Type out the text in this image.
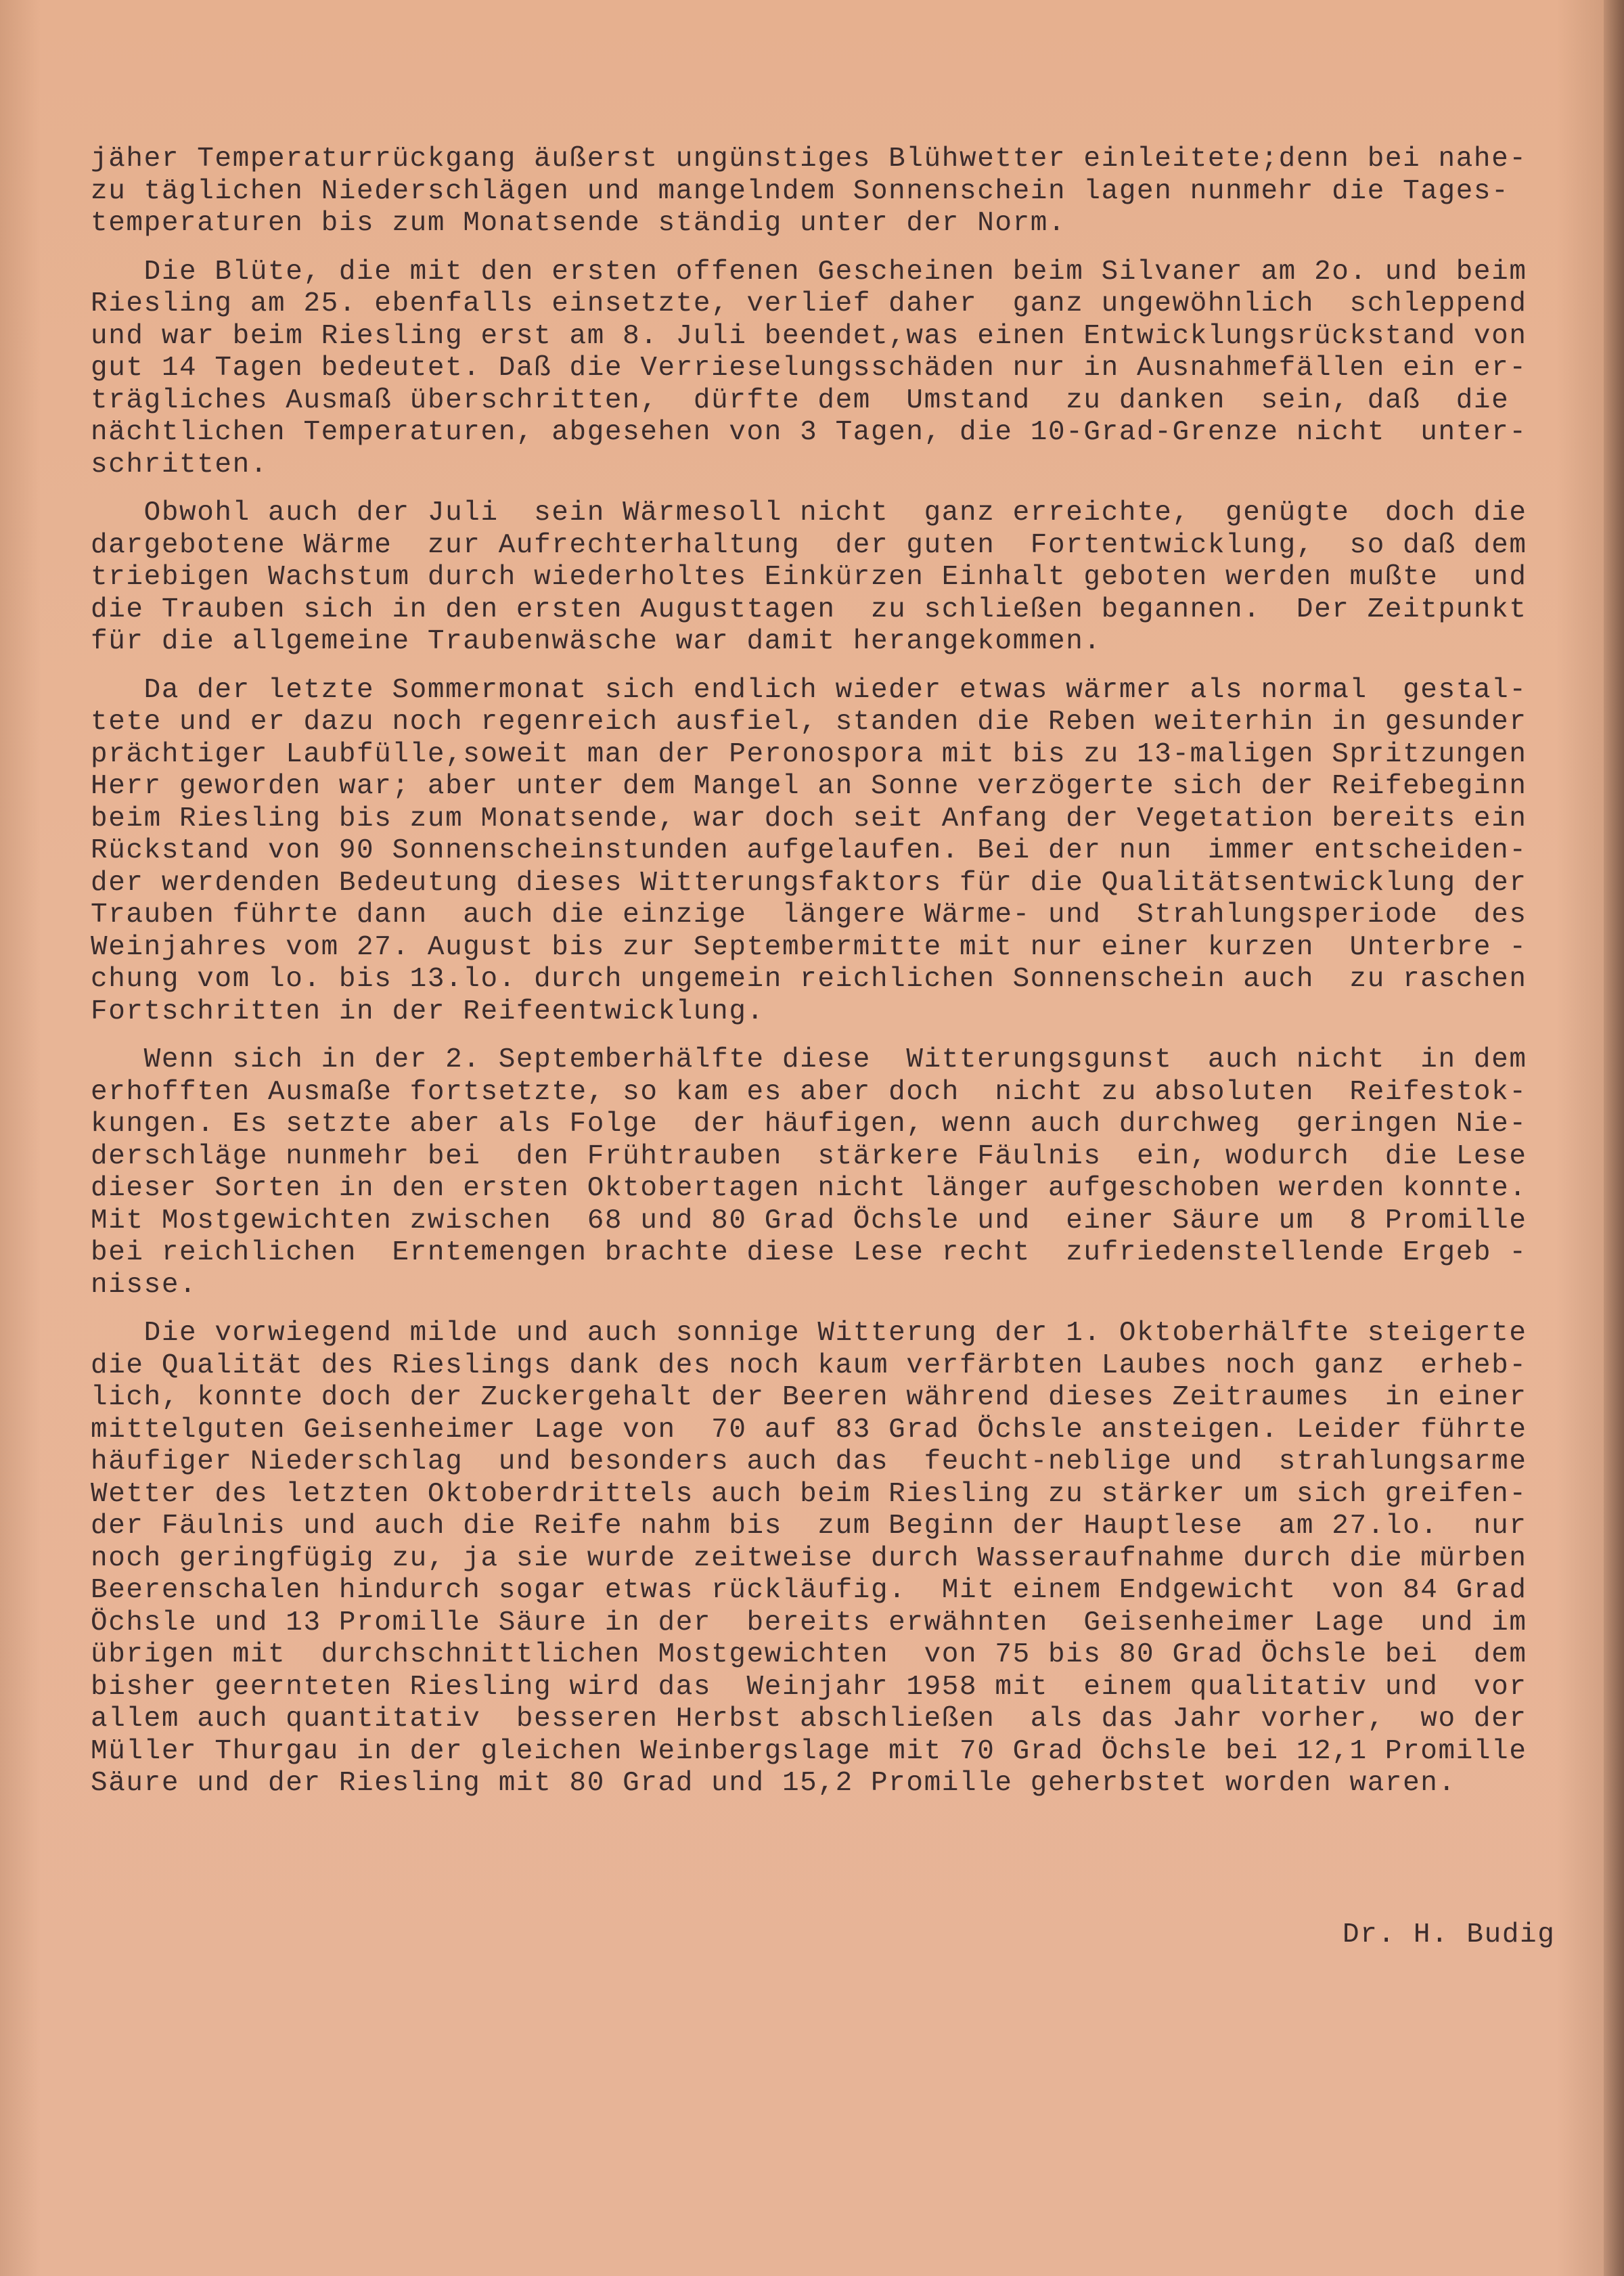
jäher Temperaturrückgang äußerst ungünstiges Blühwetter einleitete;denn bei nahe-
zu täglichen Niederschlägen und mangelndem Sonnenschein lagen nunmehr die Tages-
temperaturen bis zum Monatsende ständig unter der Norm.
Die Blüte, die mit den ersten offenen Gescheinen beim Silvaner am 2o. und beim
Riesling am 25. ebenfalls einsetzte, verlief daher  ganz ungewöhnlich  schleppend
und war beim Riesling erst am 8. Juli beendet,was einen Entwicklungsrückstand von
gut 14 Tagen bedeutet. Daß die Verrieselungsschäden nur in Ausnahmefällen ein er-
trägliches Ausmaß überschritten,  dürfte dem  Umstand  zu danken  sein, daß  die
nächtlichen Temperaturen, abgesehen von 3 Tagen, die 10-Grad-Grenze nicht  unter-
schritten.
Obwohl auch der Juli  sein Wärmesoll nicht  ganz erreichte,  genügte  doch die
dargebotene Wärme  zur Aufrechterhaltung  der guten  Fortentwicklung,  so daß dem
triebigen Wachstum durch wiederholtes Einkürzen Einhalt geboten werden mußte  und
die Trauben sich in den ersten Augusttagen  zu schließen begannen.  Der Zeitpunkt
für die allgemeine Traubenwäsche war damit herangekommen.
Da der letzte Sommermonat sich endlich wieder etwas wärmer als normal  gestal-
tete und er dazu noch regenreich ausfiel, standen die Reben weiterhin in gesunder
prächtiger Laubfülle,soweit man der Peronospora mit bis zu 13-maligen Spritzungen
Herr geworden war; aber unter dem Mangel an Sonne verzögerte sich der Reifebeginn
beim Riesling bis zum Monatsende, war doch seit Anfang der Vegetation bereits ein
Rückstand von 90 Sonnenscheinstunden aufgelaufen. Bei der nun  immer entscheiden-
der werdenden Bedeutung dieses Witterungsfaktors für die Qualitätsentwicklung der
Trauben führte dann  auch die einzige  längere Wärme- und  Strahlungsperiode  des
Weinjahres vom 27. August bis zur Septembermitte mit nur einer kurzen  Unterbre -
chung vom lo. bis 13.lo. durch ungemein reichlichen Sonnenschein auch  zu raschen
Fortschritten in der Reifeentwicklung.
Wenn sich in der 2. Septemberhälfte diese  Witterungsgunst  auch nicht  in dem
erhofften Ausmaße fortsetzte, so kam es aber doch  nicht zu absoluten  Reifestok-
kungen. Es setzte aber als Folge  der häufigen, wenn auch durchweg  geringen Nie-
derschläge nunmehr bei  den Frühtrauben  stärkere Fäulnis  ein, wodurch  die Lese
dieser Sorten in den ersten Oktobertagen nicht länger aufgeschoben werden konnte.
Mit Mostgewichten zwischen  68 und 80 Grad Öchsle und  einer Säure um  8 Promille
bei reichlichen  Erntemengen brachte diese Lese recht  zufriedenstellende Ergeb -
nisse.
Die vorwiegend milde und auch sonnige Witterung der 1. Oktoberhälfte steigerte
die Qualität des Rieslings dank des noch kaum verfärbten Laubes noch ganz  erheb-
lich, konnte doch der Zuckergehalt der Beeren während dieses Zeitraumes  in einer
mittelguten Geisenheimer Lage von  70 auf 83 Grad Öchsle ansteigen. Leider führte
häufiger Niederschlag  und besonders auch das  feucht-neblige und  strahlungsarme
Wetter des letzten Oktoberdrittels auch beim Riesling zu stärker um sich greifen-
der Fäulnis und auch die Reife nahm bis  zum Beginn der Hauptlese  am 27.lo.  nur
noch geringfügig zu, ja sie wurde zeitweise durch Wasseraufnahme durch die mürben
Beerenschalen hindurch sogar etwas rückläufig.  Mit einem Endgewicht  von 84 Grad
Öchsle und 13 Promille Säure in der  bereits erwähnten  Geisenheimer Lage  und im
übrigen mit  durchschnittlichen Mostgewichten  von 75 bis 80 Grad Öchsle bei  dem
bisher geernteten Riesling wird das  Weinjahr 1958 mit  einem qualitativ und  vor
allem auch quantitativ  besseren Herbst abschließen  als das Jahr vorher,  wo der
Müller Thurgau in der gleichen Weinbergslage mit 70 Grad Öchsle bei 12,1 Promille
Säure und der Riesling mit 80 Grad und 15,2 Promille geherbstet worden waren.
Dr. H. Budig
